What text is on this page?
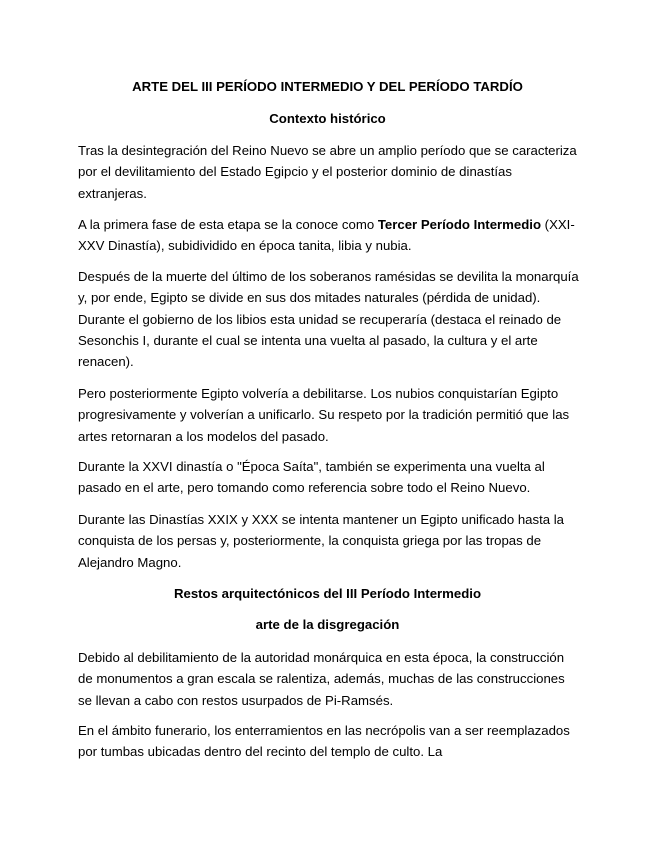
ARTE DEL III PERÍODO INTERMEDIO Y DEL PERÍODO TARDÍO
Contexto histórico

Tras la desintegración del Reino Nuevo se abre un amplio período que se caracteriza por el devilitamiento del Estado Egipcio y el posterior dominio de dinastías extranjeras.

A la primera fase de esta etapa se la conoce como Tercer Período Intermedio (XXI-XXV Dinastía), subidividido en época tanita, libia y nubia.

Después de la muerte del último de los soberanos ramésidas se devilita la monarquía y, por ende, Egipto se divide en sus dos mitades naturales (pérdida de unidad). Durante el gobierno de los libios esta unidad se recuperaría (destaca el reinado de Sesonchis I, durante el cual se intenta una vuelta al pasado, la cultura y el arte renacen).

Pero posteriormente Egipto volvería a debilitarse. Los nubios conquistarían Egipto progresivamente y volverían a unificarlo. Su respeto por la tradición permitió que las artes retornaran a los modelos del pasado.

Durante la XXVI dinastía o "Época Saíta", también se experimenta una vuelta al pasado en el arte, pero tomando como referencia sobre todo el Reino Nuevo.

Durante las Dinastías XXIX y XXX se intenta mantener un Egipto unificado hasta la conquista de los persas y, posteriormente, la conquista griega por las tropas de Alejandro Magno.

Restos arquitectónicos del III Período Intermedio
arte de la disgregación

Debido al debilitamiento de la autoridad monárquica en esta época, la construcción de monumentos a gran escala se ralentiza, además, muchas de las construcciones se llevan a cabo con restos usurpados de Pi-Ramsés.

En el ámbito funerario, los enterramientos en las necrópolis van a ser reemplazados por tumbas ubicadas dentro del recinto del templo de culto. La
